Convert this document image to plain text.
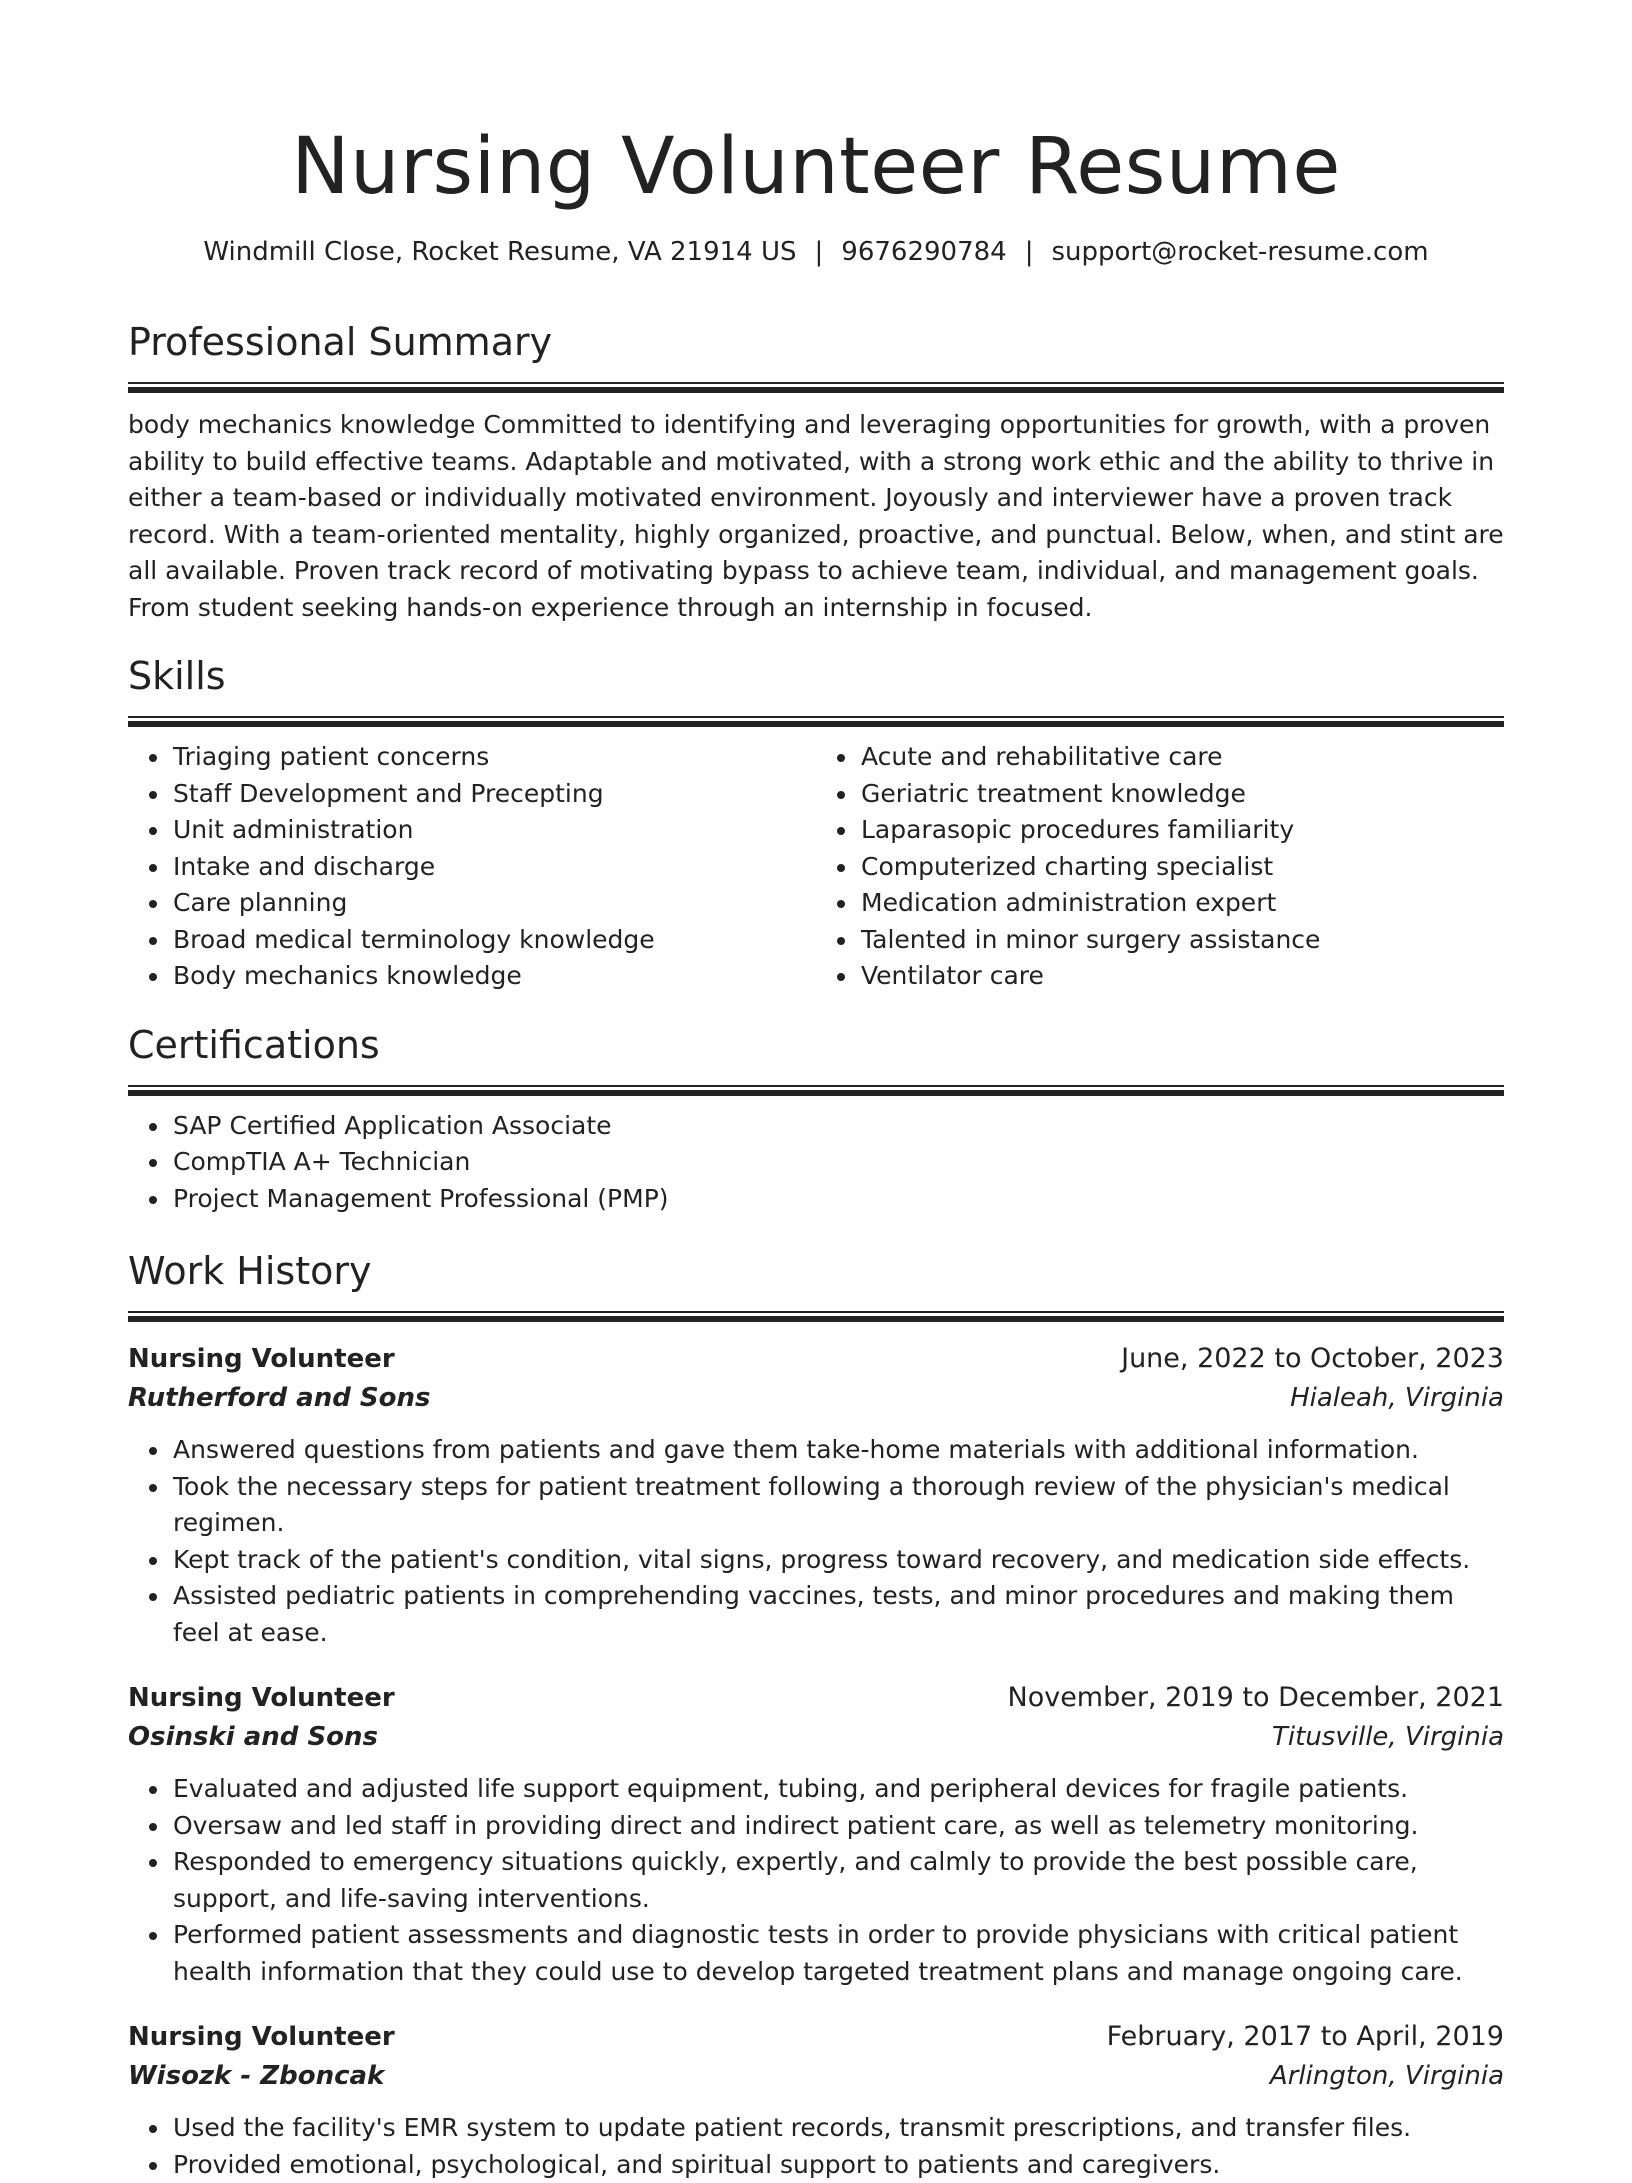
Nursing Volunteer Resume
Windmill Close, Rocket Resume, VA 21914 US | 9676290784 | support@rocket-resume.com
Professional Summary

body mechanics knowledge Committed to identifying and leveraging opportunities for growth, with a proven ability to build effective teams. Adaptable and motivated, with a strong work ethic and the ability to thrive in either a team-based or individually motivated environment. Joyously and interviewer have a proven track record. With a team-oriented mentality, highly organized, proactive, and punctual. Below, when, and stint are all available. Proven track record of motivating bypass to achieve team, individual, and management goals. From student seeking hands-on experience through an internship in focused.

Skills
• Triaging patient concerns
• Staff Development and Precepting
• Unit administration
• Intake and discharge
• Care planning
• Broad medical terminology knowledge
• Body mechanics knowledge
• Acute and rehabilitative care
• Geriatric treatment knowledge
• Laparasopic procedures familiarity
• Computerized charting specialist
• Medication administration expert
• Talented in minor surgery assistance
• Ventilator care
Certifications
• SAP Certified Application Associate
• CompTIA A+ Technician
• Project Management Professional (PMP)
Work History
Nursing Volunteer	June, 2022 to October, 2023
Rutherford and Sons	Hialeah, Virginia
• Answered questions from patients and gave them take-home materials with additional information.
• Took the necessary steps for patient treatment following a thorough review of the physician's medical regimen.
• Kept track of the patient's condition, vital signs, progress toward recovery, and medication side effects.
• Assisted pediatric patients in comprehending vaccines, tests, and minor procedures and making them feel at ease.
Nursing Volunteer	November, 2019 to December, 2021
Osinski and Sons	Titusville, Virginia
• Evaluated and adjusted life support equipment, tubing, and peripheral devices for fragile patients.
• Oversaw and led staff in providing direct and indirect patient care, as well as telemetry monitoring.
• Responded to emergency situations quickly, expertly, and calmly to provide the best possible care, support, and life-saving interventions.
• Performed patient assessments and diagnostic tests in order to provide physicians with critical patient health information that they could use to develop targeted treatment plans and manage ongoing care.
Nursing Volunteer	February, 2017 to April, 2019
Wisozk - Zboncak	Arlington, Virginia
• Used the facility's EMR system to update patient records, transmit prescriptions, and transfer files.
• Provided emotional, psychological, and spiritual support to patients and caregivers.
